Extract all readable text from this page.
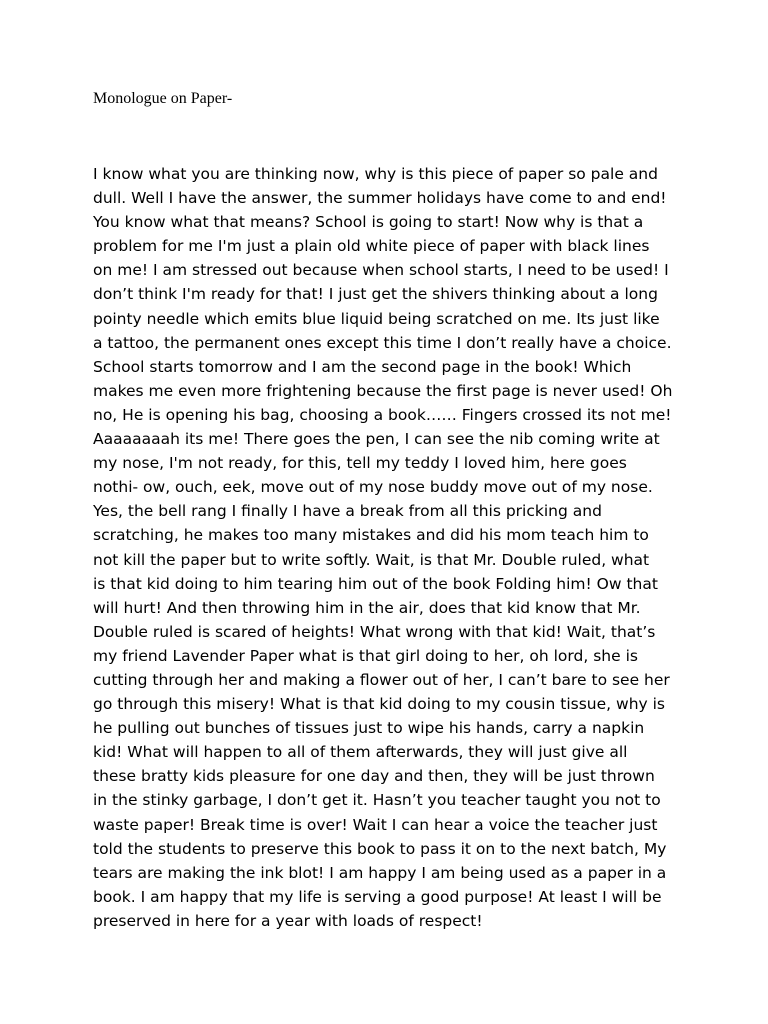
Monologue on Paper-
I know what you are thinking now, why is this piece of paper so pale and
dull. Well I have the answer, the summer holidays have come to and end!
You know what that means? School is going to start! Now why is that a
problem for me I'm just a plain old white piece of paper with black lines
on me! I am stressed out because when school starts, I need to be used! I
don’t think I'm ready for that! I just get the shivers thinking about a long
pointy needle which emits blue liquid being scratched on me. Its just like
a tattoo, the permanent ones except this time I don’t really have a choice.
School starts tomorrow and I am the second page in the book! Which
makes me even more frightening because the first page is never used! Oh
no, He is opening his bag, choosing a book…… Fingers crossed its not me!
Aaaaaaaah its me! There goes the pen, I can see the nib coming write at
my nose, I'm not ready, for this, tell my teddy I loved him, here goes
nothi- ow, ouch, eek, move out of my nose buddy move out of my nose.
Yes, the bell rang I finally I have a break from all this pricking and
scratching, he makes too many mistakes and did his mom teach him to
not kill the paper but to write softly. Wait, is that Mr. Double ruled, what
is that kid doing to him tearing him out of the book Folding him! Ow that
will hurt! And then throwing him in the air, does that kid know that Mr.
Double ruled is scared of heights! What wrong with that kid! Wait, that’s
my friend Lavender Paper what is that girl doing to her, oh lord, she is
cutting through her and making a flower out of her, I can’t bare to see her
go through this misery! What is that kid doing to my cousin tissue, why is
he pulling out bunches of tissues just to wipe his hands, carry a napkin
kid! What will happen to all of them afterwards, they will just give all
these bratty kids pleasure for one day and then, they will be just thrown
in the stinky garbage, I don’t get it. Hasn’t you teacher taught you not to
waste paper! Break time is over! Wait I can hear a voice the teacher just
told the students to preserve this book to pass it on to the next batch, My
tears are making the ink blot! I am happy I am being used as a paper in a
book. I am happy that my life is serving a good purpose! At least I will be
preserved in here for a year with loads of respect!
